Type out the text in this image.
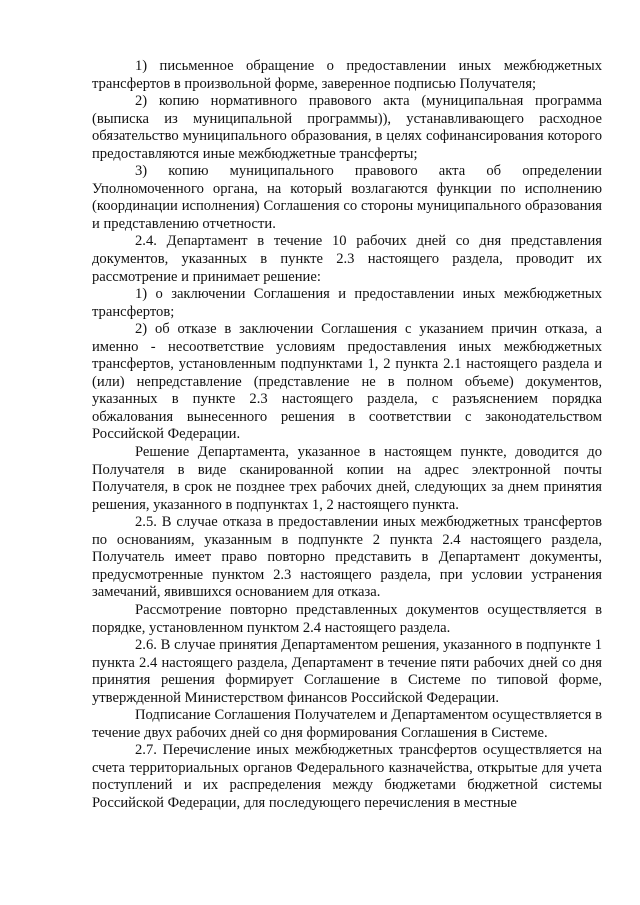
1) письменное обращение о предоставлении иных межбюджетных трансфертов в произвольной форме, заверенное подписью Получателя;

2) копию нормативного правового акта (муниципальная программа (выписка из муниципальной программы)), устанавливающего расходное обязательство муниципального образования, в целях софинансирования которого предоставляются иные межбюджетные трансферты;

3) копию муниципального правового акта об определении Уполномоченного органа, на который возлагаются функции по исполнению (координации исполнения) Соглашения со стороны муниципального образования и представлению отчетности.

2.4. Департамент в течение 10 рабочих дней со дня представления документов, указанных в пункте 2.3 настоящего раздела, проводит их рассмотрение и принимает решение:

1) о заключении Соглашения и предоставлении иных межбюджетных трансфертов;

2) об отказе в заключении Соглашения с указанием причин отказа, а именно - несоответствие условиям предоставления иных межбюджетных трансфертов, установленным подпунктами 1, 2 пункта 2.1 настоящего раздела и (или) непредставление (представление не в полном объеме) документов, указанных в пункте 2.3 настоящего раздела, с разъяснением порядка обжалования вынесенного решения в соответствии с законодательством Российской Федерации.

Решение Департамента, указанное в настоящем пункте, доводится до Получателя в виде сканированной копии на адрес электронной почты Получателя, в срок не позднее трех рабочих дней, следующих за днем принятия решения, указанного в подпунктах 1, 2 настоящего пункта.

2.5. В случае отказа в предоставлении иных межбюджетных трансфертов по основаниям, указанным в подпункте 2 пункта 2.4 настоящего раздела, Получатель имеет право повторно представить в Департамент документы, предусмотренные пунктом 2.3 настоящего раздела, при условии устранения замечаний, явившихся основанием для отказа.

Рассмотрение повторно представленных документов осуществляется в порядке, установленном пунктом 2.4 настоящего раздела.

2.6. В случае принятия Департаментом решения, указанного в подпункте 1 пункта 2.4 настоящего раздела, Департамент в течение пяти рабочих дней со дня принятия решения формирует Соглашение в Системе по типовой форме, утвержденной Министерством финансов Российской Федерации.

Подписание Соглашения Получателем и Департаментом осуществляется в течение двух рабочих дней со дня формирования Соглашения в Системе.

2.7. Перечисление иных межбюджетных трансфертов осуществляется на счета территориальных органов Федерального казначейства, открытые для учета поступлений и их распределения между бюджетами бюджетной системы Российской Федерации, для последующего перечисления в местные
